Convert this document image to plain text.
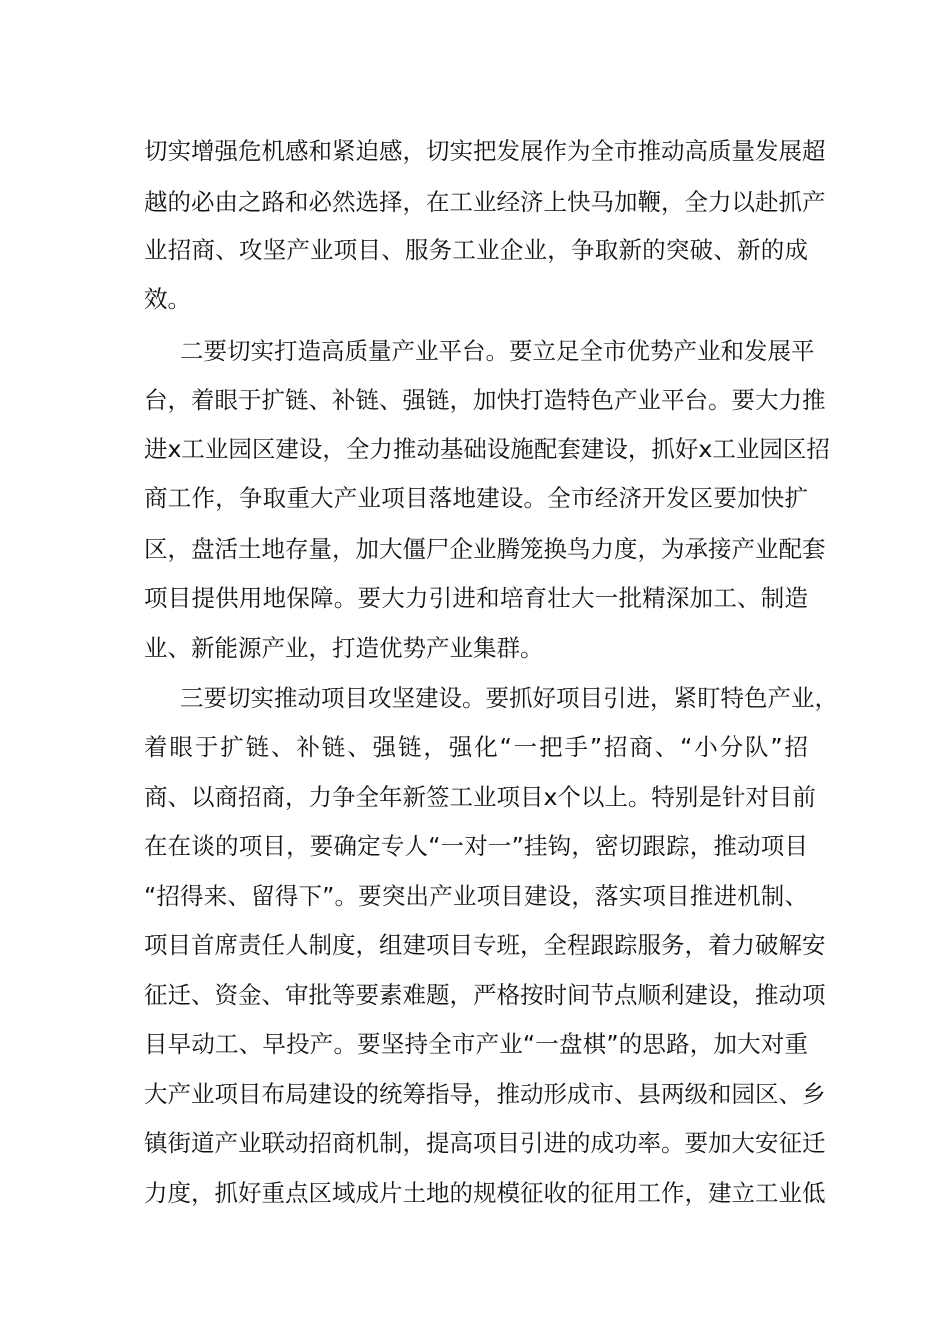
切实增强危机感和紧迫感，切实把发展作为全市推动高质量发展超
越的必由之路和必然选择，在工业经济上快马加鞭，全力以赴抓产
业招商、攻坚产业项目、服务工业企业，争取新的突破、新的成
效。
二要切实打造高质量产业平台。要立足全市优势产业和发展平
台，着眼于扩链、补链、强链，加快打造特色产业平台。要大力推
进x工业园区建设，全力推动基础设施配套建设，抓好x工业园区招
商工作，争取重大产业项目落地建设。全市经济开发区要加快扩
区，盘活土地存量，加大僵尸企业腾笼换鸟力度，为承接产业配套
项目提供用地保障。要大力引进和培育壮大一批精深加工、制造
业、新能源产业，打造优势产业集群。
三要切实推动项目攻坚建设。要抓好项目引进，紧盯特色产业，
着眼于扩链、补链、强链，强化“一把手”招商、“小分队”招
商、以商招商，力争全年新签工业项目x个以上。特别是针对目前
在在谈的项目，要确定专人“一对一”挂钩，密切跟踪，推动项目
“招得来、留得下”。要突出产业项目建设，落实项目推进机制、
项目首席责任人制度，组建项目专班，全程跟踪服务，着力破解安
征迁、资金、审批等要素难题，严格按时间节点顺利建设，推动项
目早动工、早投产。要坚持全市产业“一盘棋”的思路，加大对重
大产业项目布局建设的统筹指导，推动形成市、县两级和园区、乡
镇街道产业联动招商机制，提高项目引进的成功率。要加大安征迁
力度，抓好重点区域成片土地的规模征收的征用工作，建立工业低
